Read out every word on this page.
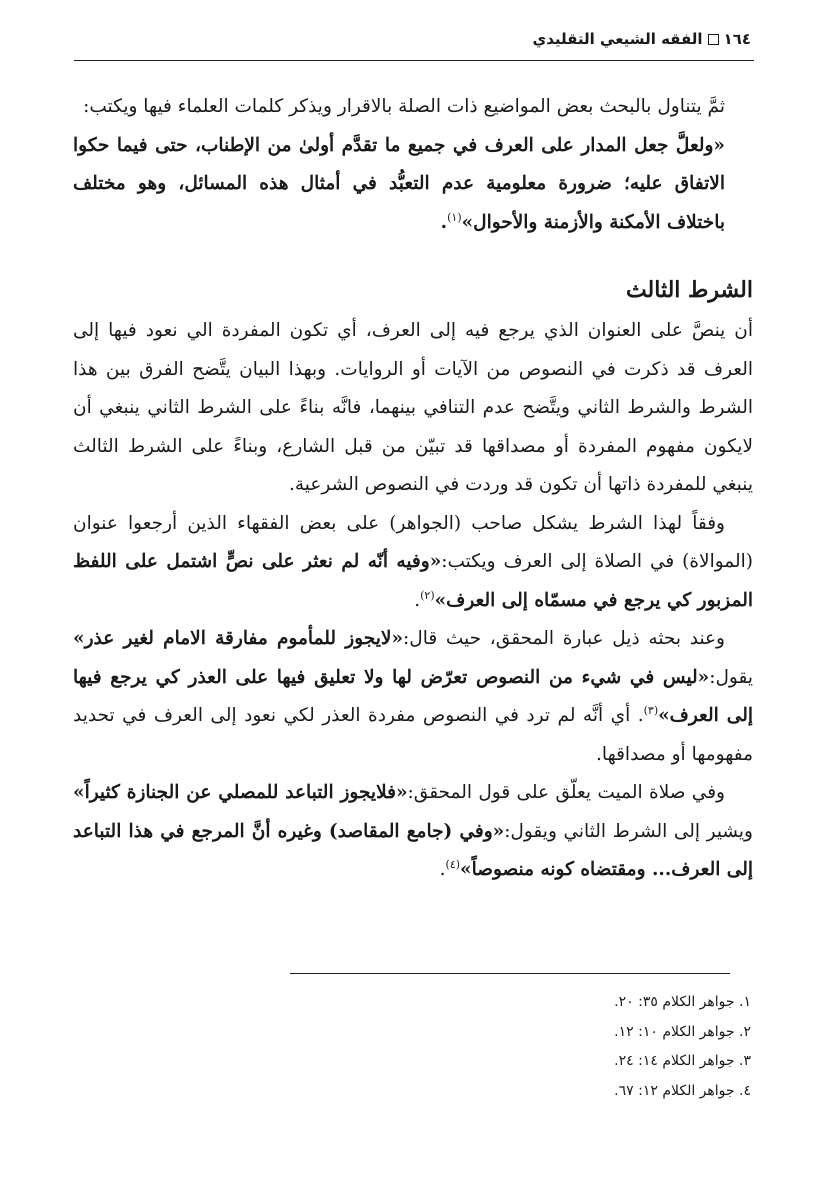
١٦٤الفقه الشيعي التقليدي

ثمَّ يتناول بالبحث بعض المواضيع ذات الصلة بالاقرار ويذكر كلمات العلماء فيها ويكتب:

«ولعلَّ جعل المدار على العرف في جميع ما تقدَّم أولىٰ من الإطناب، حتى فيما حكوا الاتفاق عليه؛ ضرورة معلومية عدم التعبُّد في أمثال هذه المسائل، وهو مختلف باختلاف الأمكنة والأزمنة والأحوال»$^{(١)}$.

الشرط الثالث

أن ينصَّ على العنوان الذي يرجع فيه إلى العرف، أي تكون المفردة الي نعود فيها إلى العرف قد ذكرت في النصوص من الآيات أو الروايات. وبهذا البيان يتَّضح الفرق بين هذا الشرط والشرط الثاني ويتَّضح عدم التنافي بينهما، فانَّه بناءً على الشرط الثاني ينبغي أن لايكون مفهوم المفردة أو مصداقها قد تبيّن من قبل الشارع، وبناءً على الشرط الثالث ينبغي للمفردة ذاتها أن تكون قد وردت في النصوص الشرعية.

وفقاً لهذا الشرط يشكل صاحب (الجواهر) على بعض الفقهاء الذين أرجعوا عنوان (الموالاة) في الصلاة إلى العرف ويكتب:«وفيه أنّه لم نعثر على نصٍّ اشتمل على اللفظ المزبور كي يرجع في مسمّاه إلى العرف»$^{(٢)}$.

وعند بحثه ذيل عبارة المحقق، حيث قال:«لايجوز للمأموم مفارقة الامام لغير عذر» يقول:«ليس في شيء من النصوص تعرّض لها ولا تعليق فيها على العذر كي يرجع فيها إلى العرف»$^{(٣)}$. أي أنَّه لم ترد في النصوص مفردة العذر لكي نعود إلى العرف في تحديد مفهومها أو مصداقها.

وفي صلاة الميت يعلّق على قول المحقق:«فلايجوز التباعد للمصلي عن الجنازة كثيراً» ويشير إلى الشرط الثاني ويقول:«وفي (جامع المقاصد) وغيره أنَّ المرجع في هذا التباعد إلى العرف... ومقتضاه كونه منصوصاً»$^{(٤)}$.

١. جواهر الكلام ٣٥: ٢٠.
٢. جواهر الكلام ١٠: ١٢.
٣. جواهر الكلام ١٤: ٢٤.
٤. جواهر الكلام ١٢: ٦٧.
